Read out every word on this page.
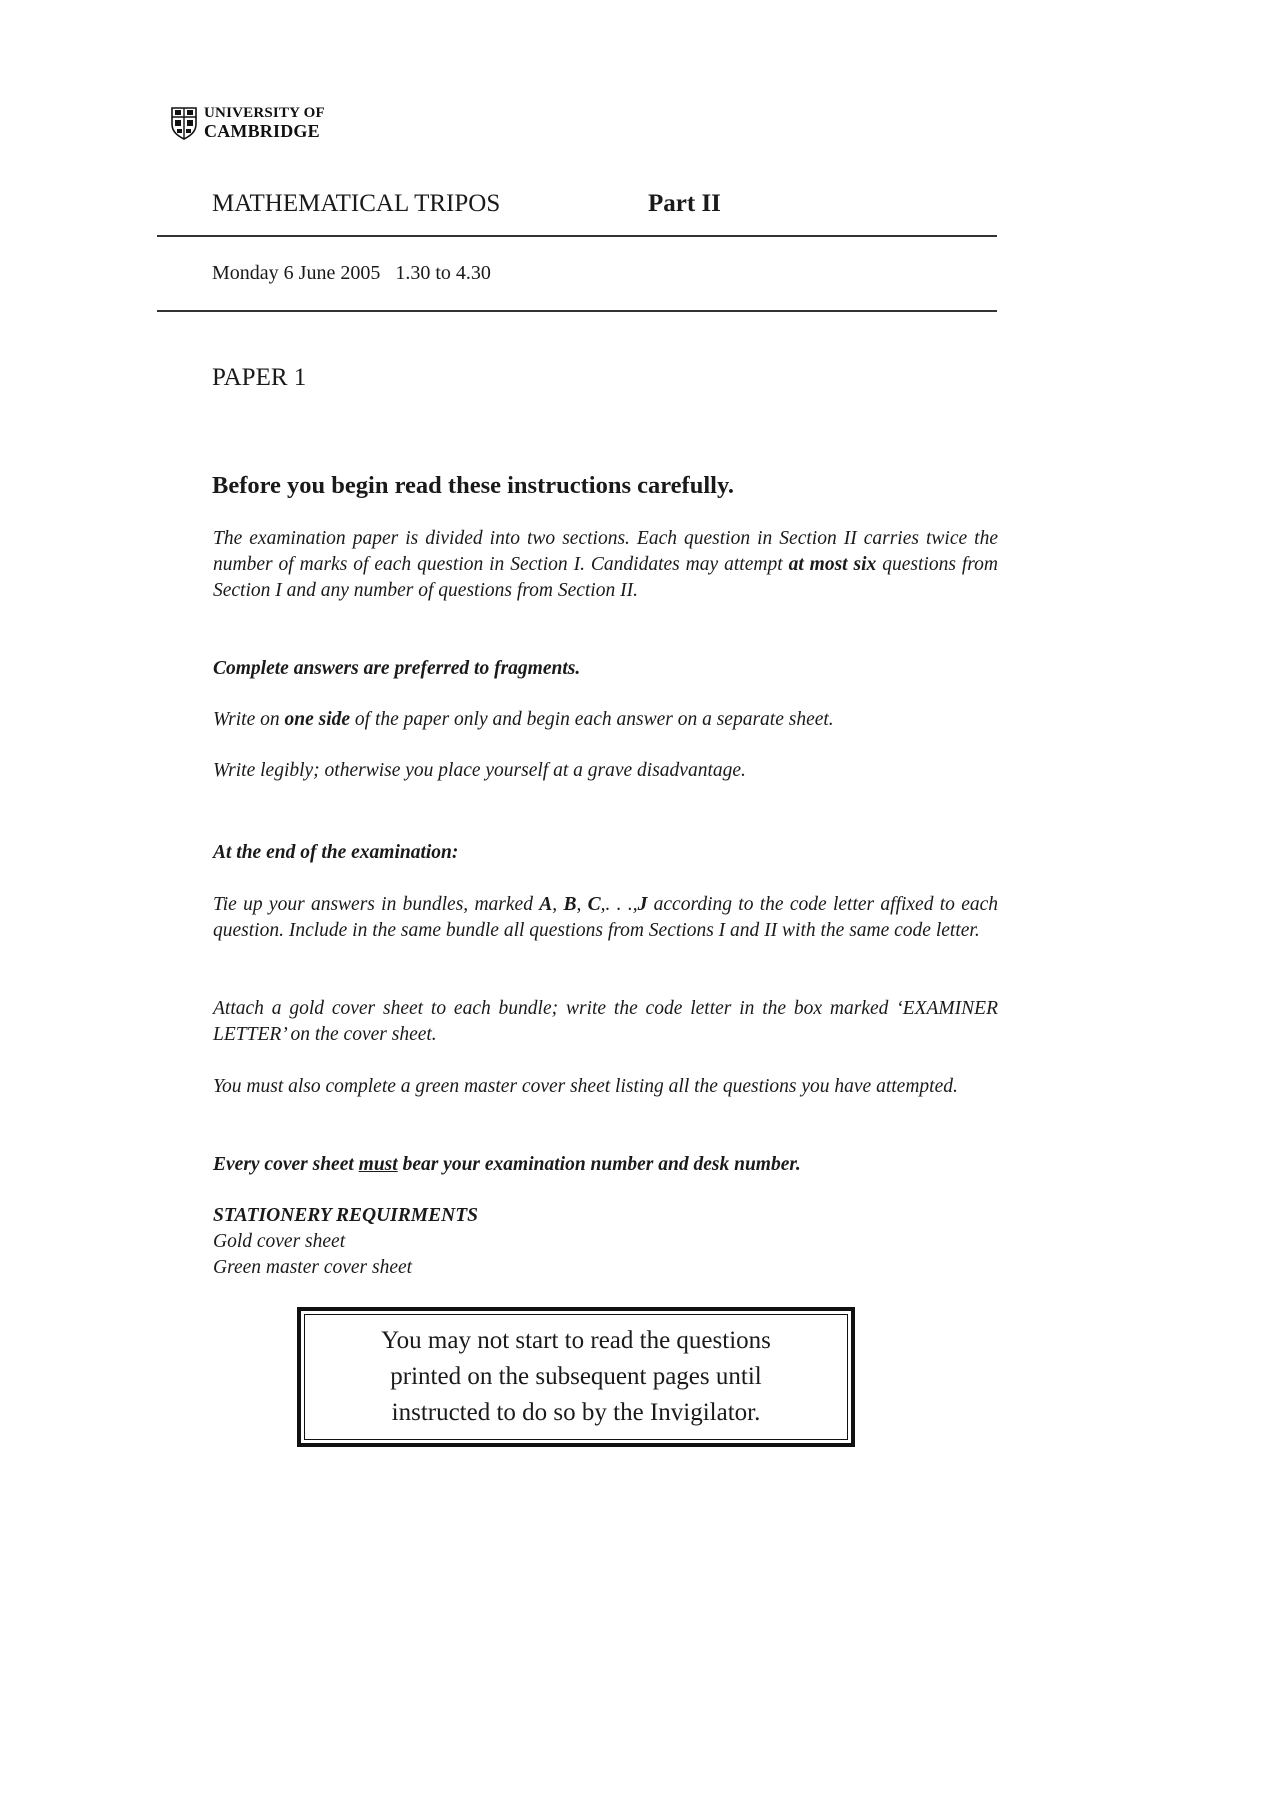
UNIVERSITY OF
CAMBRIDGE
MATHEMATICAL TRIPOS	Part II
Monday 6 June 2005 1.30 to 4.30
PAPER 1
Before you begin read these instructions carefully.
The examination paper is divided into two sections. Each question in Section II carries twice the number of marks of each question in Section I. Candidates may attempt at most six questions from Section I and any number of questions from Section II.
Complete answers are preferred to fragments.
Write on one side of the paper only and begin each answer on a separate sheet.
Write legibly; otherwise you place yourself at a grave disadvantage.
At the end of the examination:
Tie up your answers in bundles, marked A, B, C,. . .,J according to the code letter affixed to each question. Include in the same bundle all questions from Sections I and II with the same code letter.
Attach a gold cover sheet to each bundle; write the code letter in the box marked ‘EXAMINER LETTER’ on the cover sheet.
You must also complete a green master cover sheet listing all the questions you have attempted.
Every cover sheet must bear your examination number and desk number.
STATIONERY REQUIRMENTS
Gold cover sheet
Green master cover sheet
You may not start to read the questions
printed on the subsequent pages until
instructed to do so by the Invigilator.
